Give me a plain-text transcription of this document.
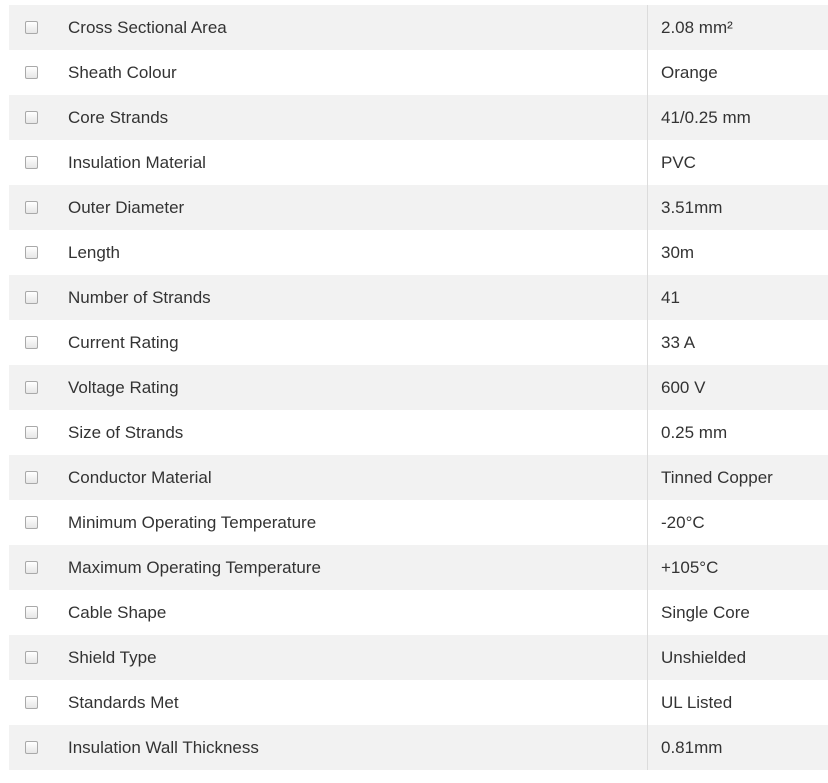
Cross Sectional Area	2.08 mm²
Sheath Colour	Orange
Core Strands	41/0.25 mm
Insulation Material	PVC
Outer Diameter	3.51mm
Length	30m
Number of Strands	41
Current Rating	33 A
Voltage Rating	600 V
Size of Strands	0.25 mm
Conductor Material	Tinned Copper
Minimum Operating Temperature	-20°C
Maximum Operating Temperature	+105°C
Cable Shape	Single Core
Shield Type	Unshielded
Standards Met	UL Listed
Insulation Wall Thickness	0.81mm
